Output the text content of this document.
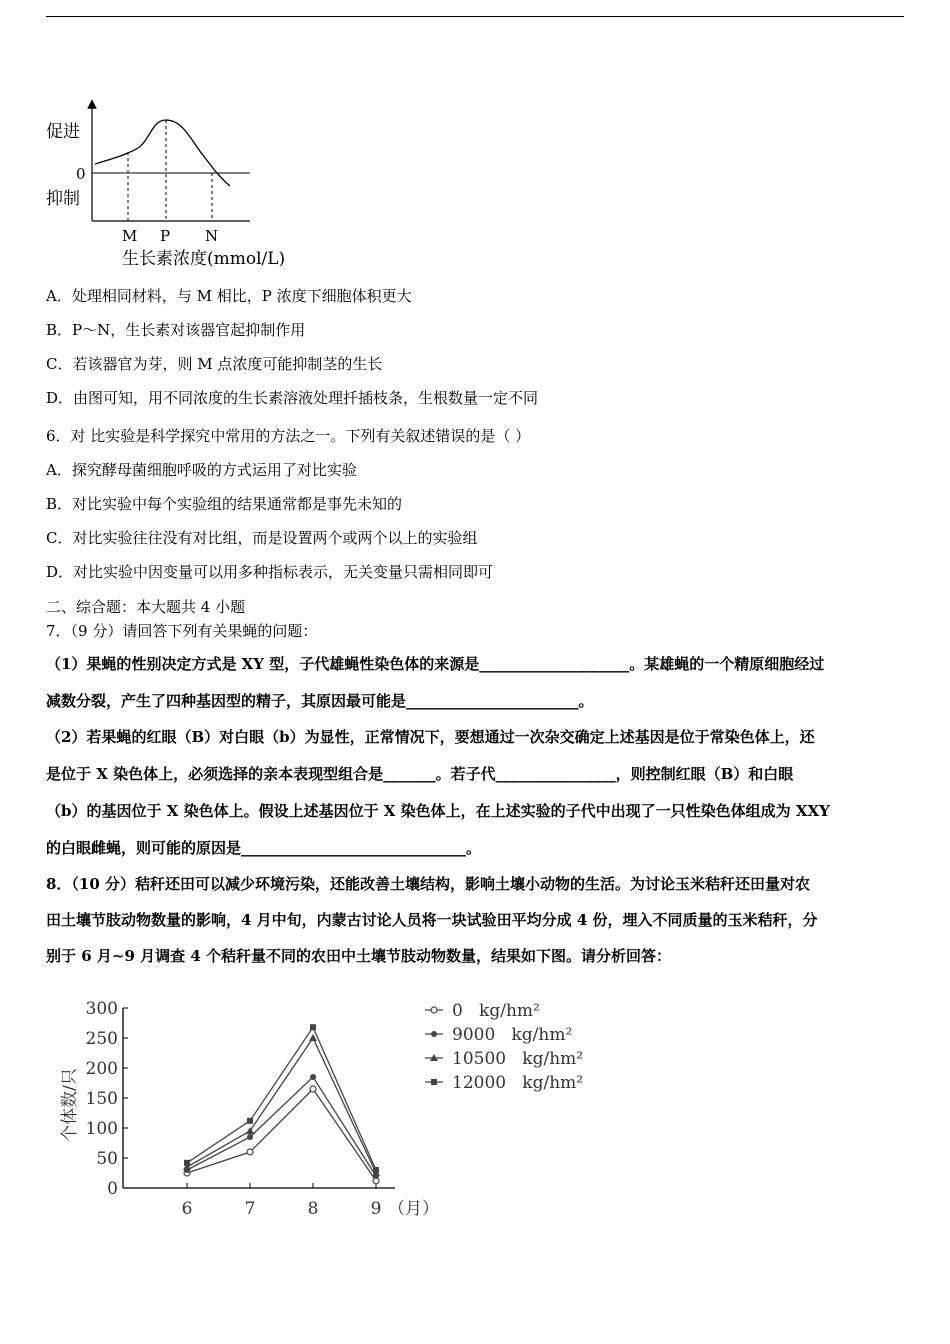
促进
0
抑制
M P N
生长素浓度(mmol/L)
A．处理相同材料，与 M 相比，P 浓度下细胞体积更大
B．P～N，生长素对该器官起抑制作用
C．若该器官为芽，则 M 点浓度可能抑制茎的生长
D．由图可知，用不同浓度的生长素溶液处理扦插枝条，生根数量一定不同
6．对 比实验是科学探究中常用的方法之一。下列有关叙述错误的是（ ）
A．探究酵母菌细胞呼吸的方式运用了对比实验
B．对比实验中每个实验组的结果通常都是事先未知的
C．对比实验往往没有对比组，而是设置两个或两个以上的实验组
D．对比实验中因变量可以用多种指标表示，无关变量只需相同即可
二、综合题：本大题共 4 小题
7．（9 分）请回答下列有关果蝇的问题：
（1）果蝇的性别决定方式是 XY 型，子代雄蝇性染色体的来源是____________________。某雄蝇的一个精原细胞经过
减数分裂，产生了四种基因型的精子，其原因最可能是_______________________。
（2）若果蝇的红眼（B）对白眼（b）为显性，正常情况下，要想通过一次杂交确定上述基因是位于常染色体上，还
是位于 X 染色体上，必须选择的亲本表现型组合是_______。若子代________________，则控制红眼（B）和白眼
（b）的基因位于 X 染色体上。假设上述基因位于 X 染色体上，在上述实验的子代中出现了一只性染色体组成为 XXY
的白眼雌蝇，则可能的原因是______________________________。
8．（10 分）秸秆还田可以减少环境污染，还能改善土壤结构，影响土壤小动物的生活。为讨论玉米秸秆还田量对农
田土壤节肢动物数量的影响，4 月中旬，内蒙古讨论人员将一块试验田平均分成 4 份，埋入不同质量的玉米秸秆，分
别于 6 月~9 月调查 4 个秸秆量不同的农田中土壤节肢动物数量，结果如下图。请分析回答：
0
50
100
150
200
250
300
6	7	8	9 （月）
0   kg/hm²
9000   kg/hm²
10500   kg/hm²
12000   kg/hm²
个体数/只
